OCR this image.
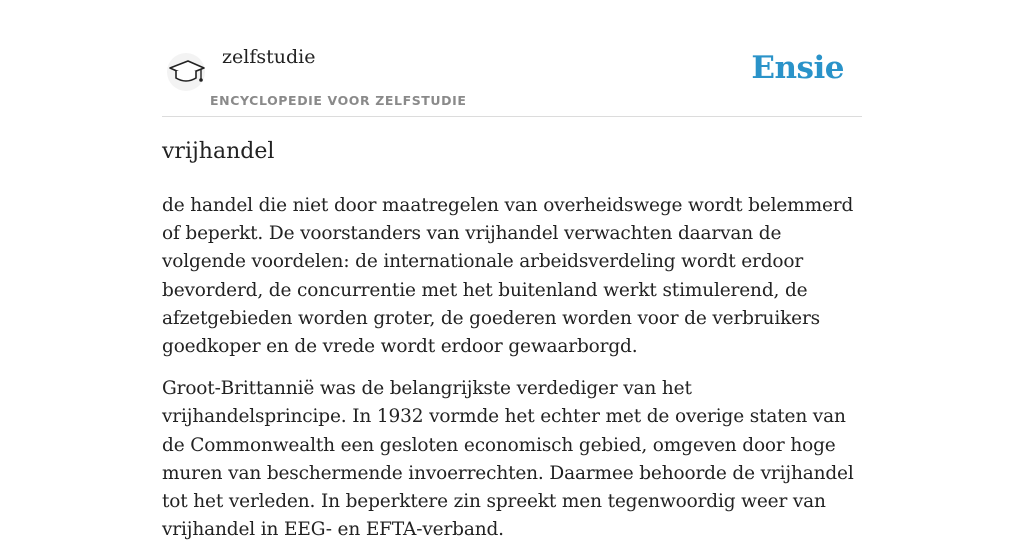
zelfstudie
ENCYCLOPEDIE VOOR ZELFSTUDIE
Ensie
vrijhandel

de handel die niet door maatregelen van overheidswege wordt belemmerd of beperkt. De voorstanders van vrijhandel verwachten daarvan de volgende voordelen: de internationale arbeidsverdeling wordt erdoor bevorderd, de concurrentie met het buitenland werkt stimulerend, de afzetgebieden worden groter, de goederen worden voor de verbruikers goedkoper en de vrede wordt erdoor gewaarborgd.

Groot-Brittannië was de belangrijkste verdediger van het vrijhandelsprincipe. In 1932 vormde het echter met de overige staten van de Commonwealth een gesloten economisch gebied, omgeven door hoge muren van beschermende invoerrechten. Daarmee behoorde de vrijhandel tot het verleden. In beperktere zin spreekt men tegenwoordig weer van vrijhandel in EEG- en EFTA-verband.
